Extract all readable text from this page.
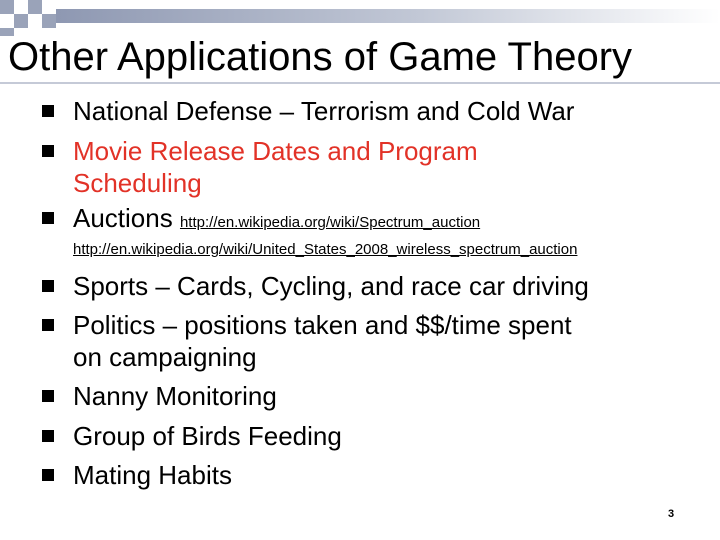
Other Applications of Game Theory
National Defense – Terrorism and Cold War
Movie Release Dates and Program
Scheduling
Auctions http://en.wikipedia.org/wiki/Spectrum_auction
http://en.wikipedia.org/wiki/United_States_2008_wireless_spectrum_auction
Sports – Cards, Cycling, and race car driving
Politics – positions taken and $$/time spent
on campaigning
Nanny Monitoring
Group of Birds Feeding
Mating Habits
3
